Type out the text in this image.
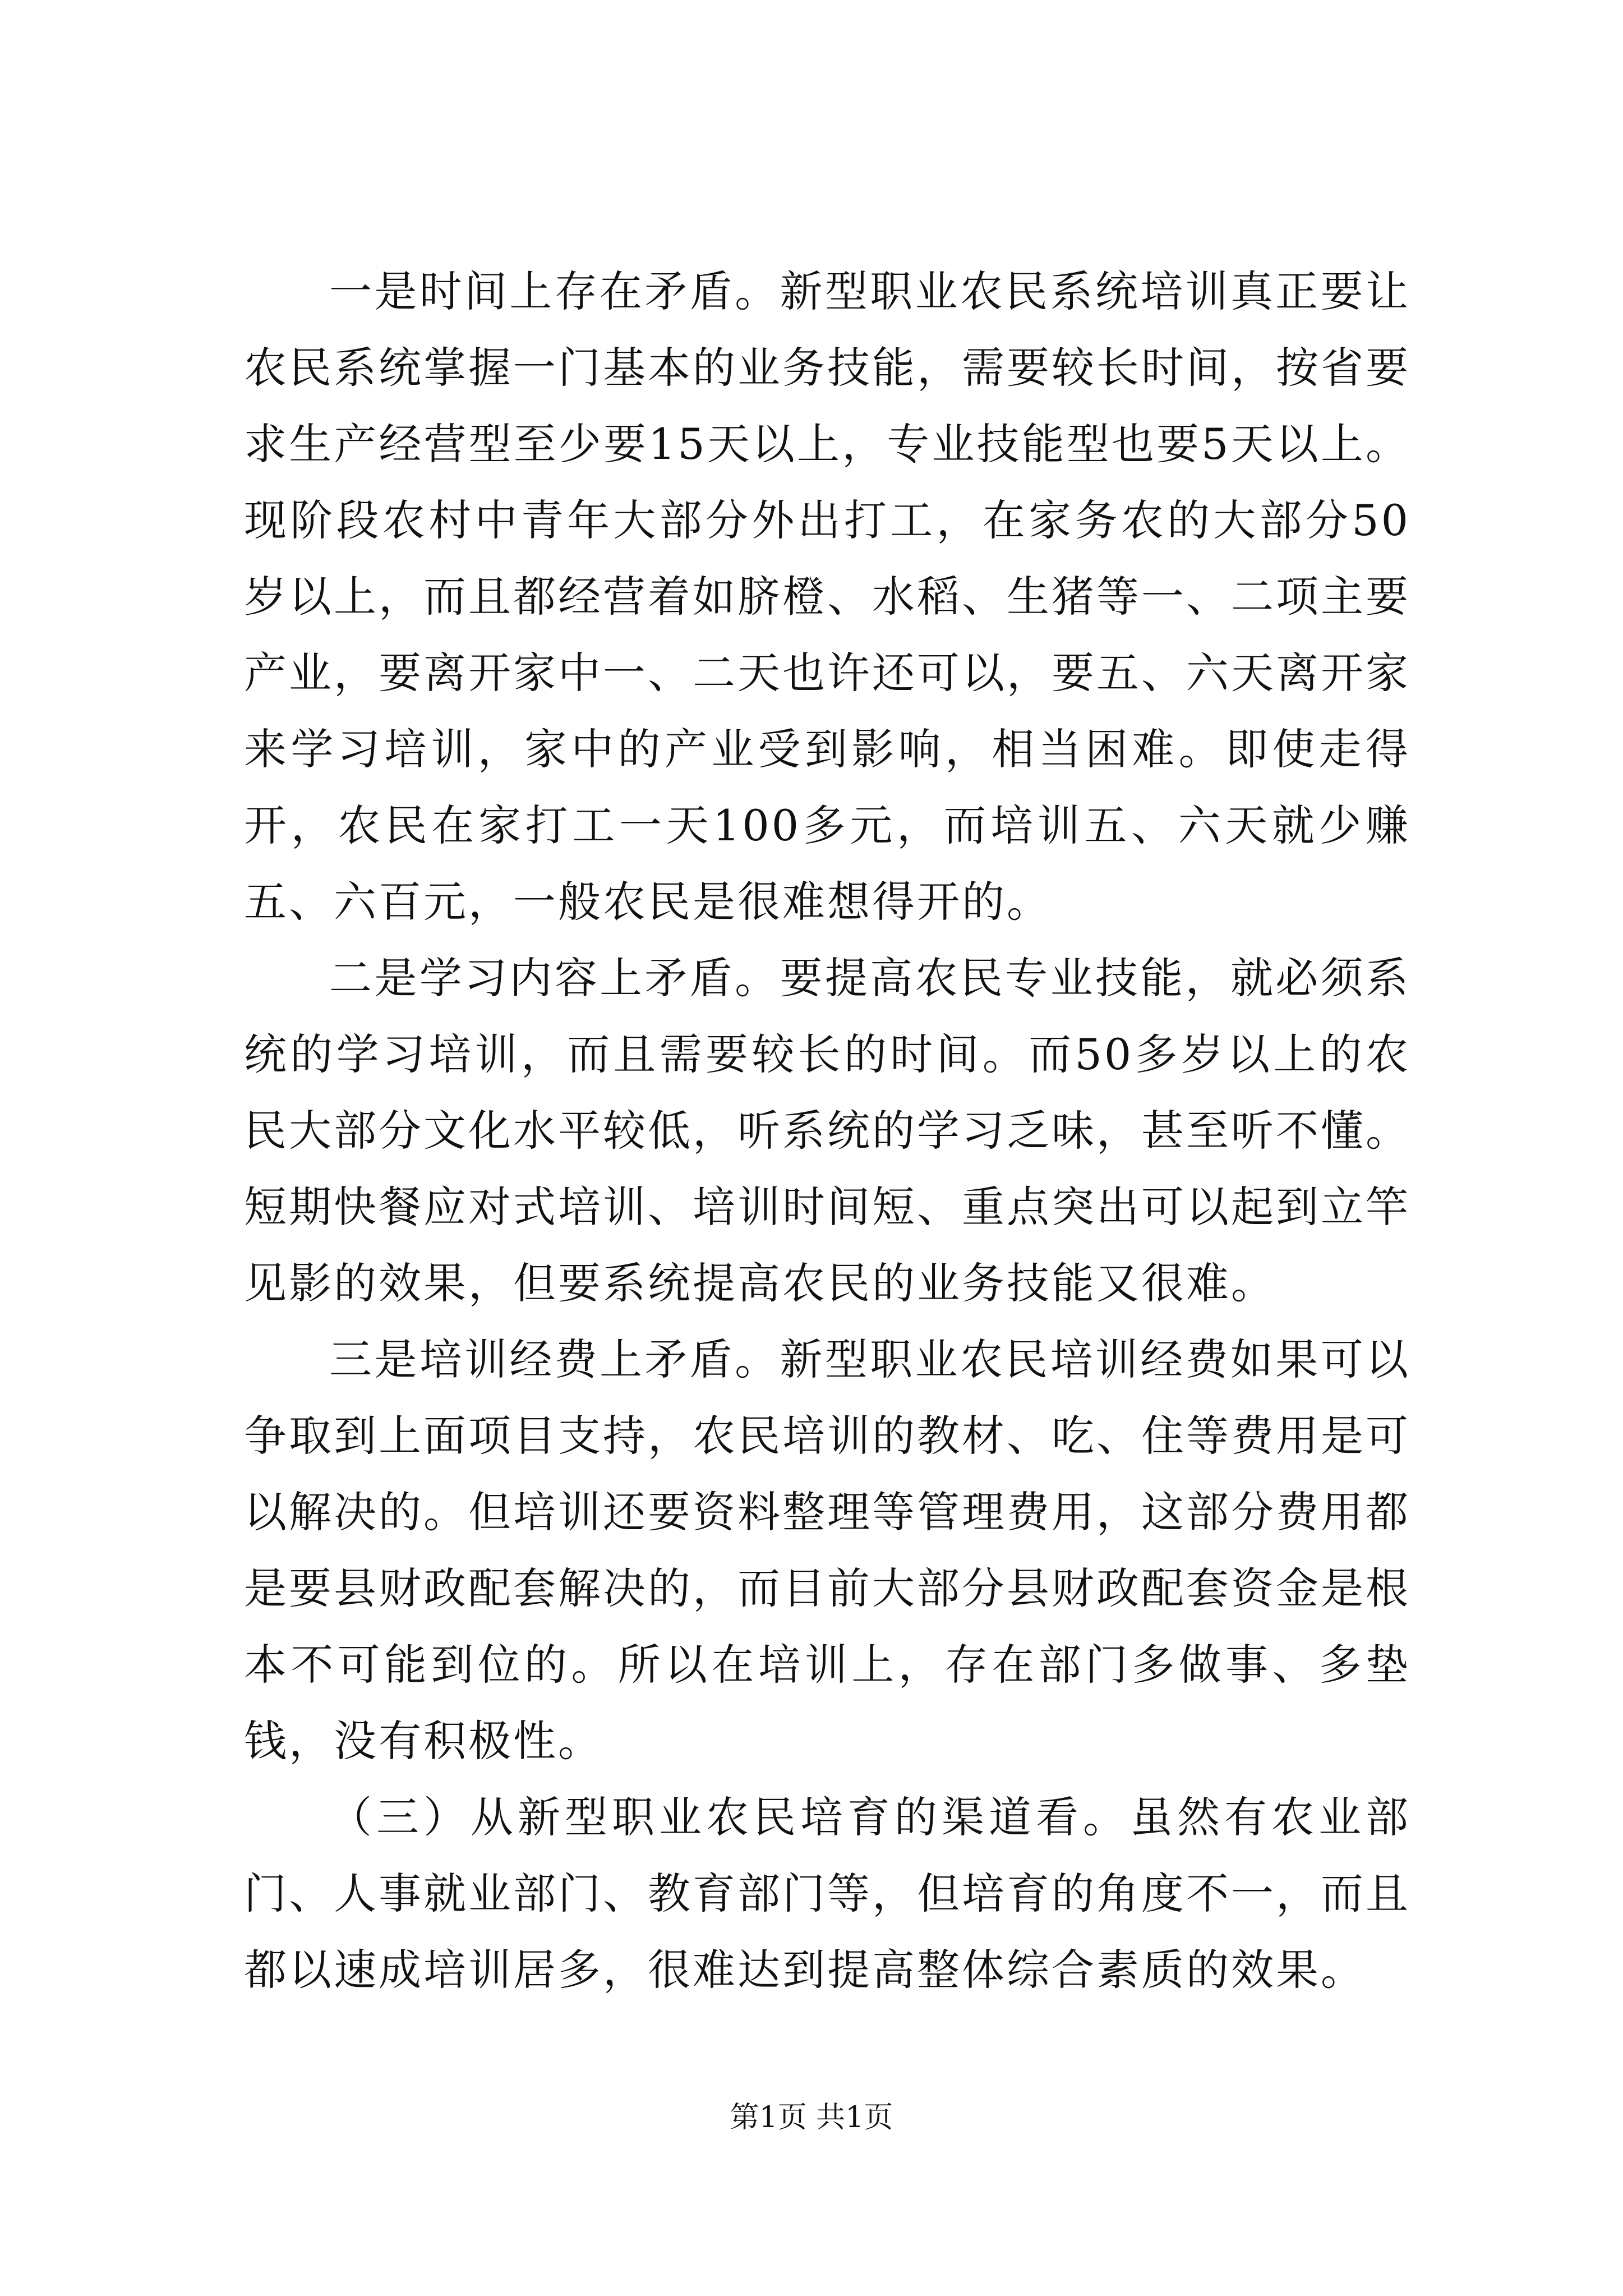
一是时间上存在矛盾。新型职业农民系统培训真正要让农民系统掌握一门基本的业务技能，需要较长时间，按省要求生产经营型至少要15天以上，专业技能型也要5天以上。现阶段农村中青年大部分外出打工，在家务农的大部分50岁以上，而且都经营着如脐橙、水稻、生猪等一、二项主要产业，要离开家中一、二天也许还可以，要五、六天离开家来学习培训，家中的产业受到影响，相当困难。即使走得开，农民在家打工一天100多元，而培训五、六天就少赚五、六百元，一般农民是很难想得开的。

二是学习内容上矛盾。要提高农民专业技能，就必须系统的学习培训，而且需要较长的时间。而50多岁以上的农民大部分文化水平较低，听系统的学习乏味，甚至听不懂。短期快餐应对式培训、培训时间短、重点突出可以起到立竿见影的效果，但要系统提高农民的业务技能又很难。

三是培训经费上矛盾。新型职业农民培训经费如果可以争取到上面项目支持，农民培训的教材、吃、住等费用是可以解决的。但培训还要资料整理等管理费用，这部分费用都是要县财政配套解决的，而目前大部分县财政配套资金是根本不可能到位的。所以在培训上，存在部门多做事、多垫钱，没有积极性。

（三）从新型职业农民培育的渠道看。虽然有农业部门、人事就业部门、教育部门等，但培育的角度不一，而且都以速成培训居多，很难达到提高整体综合素质的效果。

第1页 共1页
